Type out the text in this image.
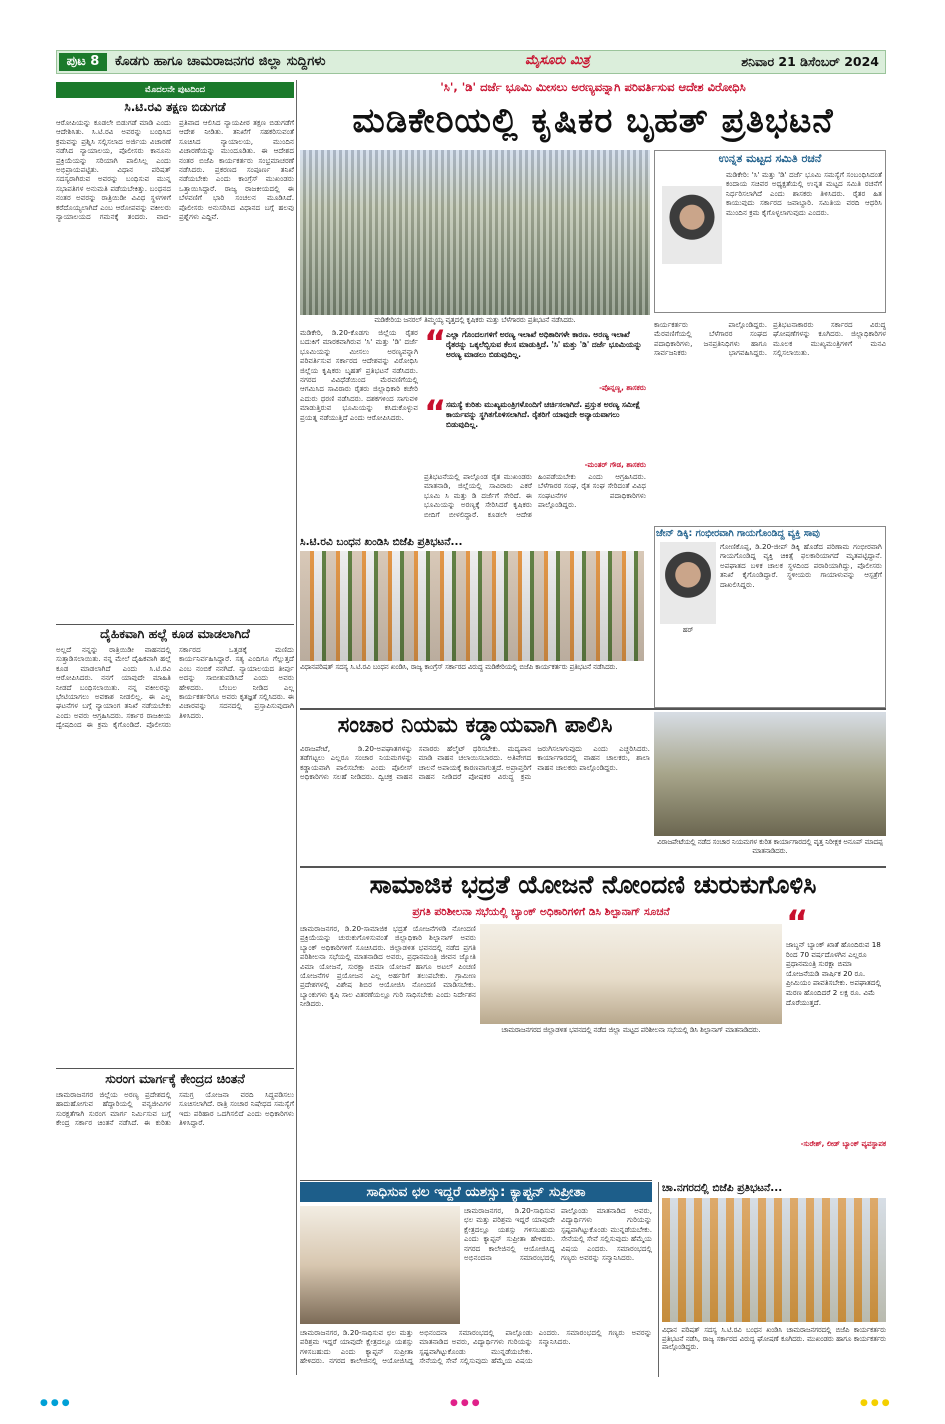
ಪುಟ 8	ಕೊಡಗು ಹಾಗೂ ಚಾಮರಾಜನಗರ ಜಿಲ್ಲಾ ಸುದ್ದಿಗಳು	ಮೈಸೂರು ಮಿತ್ರ	ಶನಿವಾರ 21 ಡಿಸೆಂಬರ್ 2024
ಮೊದಲನೇ ಪುಟದಿಂದ
ಸಿ.ಟಿ.ರವಿ ತಕ್ಷಣ ಬಿಡುಗಡೆ
ಆರೋಪಿಯನ್ನು ಕೂಡಲೇ ಬಿಡುಗಡೆ ಮಾಡಿ ಎಂದು ಆದೇಶಿಸಿತು. ಸಿ.ಟಿ.ರವಿ ಅವರನ್ನು ಬಂಧಿಸಿದ ಕ್ರಮವನ್ನು ಪ್ರಶ್ನಿಸಿ ಸಲ್ಲಿಸಲಾದ ಅರ್ಜಿಯ ವಿಚಾರಣೆ ನಡೆಸಿದ ನ್ಯಾಯಾಲಯ, ಪೊಲೀಸರು ಕಾನೂನು ಪ್ರಕ್ರಿಯೆಯನ್ನು ಸರಿಯಾಗಿ ಪಾಲಿಸಿಲ್ಲ ಎಂದು ಅಭಿಪ್ರಾಯಪಟ್ಟಿತು. ವಿಧಾನ ಪರಿಷತ್ ಸದಸ್ಯರಾಗಿರುವ ಅವರನ್ನು ಬಂಧಿಸುವ ಮುನ್ನ ಸಭಾಪತಿಗಳ ಅನುಮತಿ ಪಡೆಯಬೇಕಿತ್ತು. ಬಂಧನದ ನಂತರ ಅವರನ್ನು ರಾತ್ರಿಯಿಡೀ ವಿವಿಧ ಸ್ಥಳಗಳಿಗೆ ಕರೆದೊಯ್ಯಲಾಗಿದೆ ಎಂಬ ಆರೋಪವನ್ನು ವಕೀಲರು ನ್ಯಾಯಾಲಯದ ಗಮನಕ್ಕೆ ತಂದರು. ವಾದ-ಪ್ರತಿವಾದ ಆಲಿಸಿದ ನ್ಯಾಯಪೀಠ ತಕ್ಷಣ ಬಿಡುಗಡೆಗೆ ಆದೇಶ ನೀಡಿತು. ತನಿಖೆಗೆ ಸಹಕರಿಸುವಂತೆ ಸೂಚಿಸಿದ ನ್ಯಾಯಾಲಯ, ಮುಂದಿನ ವಿಚಾರಣೆಯನ್ನು ಮುಂದೂಡಿತು. ಈ ಆದೇಶದ ನಂತರ ಬಿಜೆಪಿ ಕಾರ್ಯಕರ್ತರು ಸಂಭ್ರಮಾಚರಣೆ ನಡೆಸಿದರು. ಪ್ರಕರಣದ ಸಂಪೂರ್ಣ ತನಿಖೆ ನಡೆಯಬೇಕು ಎಂದು ಕಾಂಗ್ರೆಸ್ ಮುಖಂಡರು ಒತ್ತಾಯಿಸಿದ್ದಾರೆ. ರಾಜ್ಯ ರಾಜಕೀಯದಲ್ಲಿ ಈ ಬೆಳವಣಿಗೆ ಭಾರಿ ಸಂಚಲನ ಮೂಡಿಸಿದೆ. ಪೊಲೀಸರು ಅನುಸರಿಸಿದ ವಿಧಾನದ ಬಗ್ಗೆ ಹಲವು ಪ್ರಶ್ನೆಗಳು ಎದ್ದಿವೆ.
ದೈಹಿಕವಾಗಿ ಹಲ್ಲೆ ಕೂಡ ಮಾಡಲಾಗಿದೆ
ಅಲ್ಲದೆ ನನ್ನನ್ನು ರಾತ್ರಿಯಿಡೀ ವಾಹನದಲ್ಲಿ ಸುತ್ತಾಡಿಸಲಾಯಿತು. ನನ್ನ ಮೇಲೆ ದೈಹಿಕವಾಗಿ ಹಲ್ಲೆ ಕೂಡ ಮಾಡಲಾಗಿದೆ ಎಂದು ಸಿ.ಟಿ.ರವಿ ಆರೋಪಿಸಿದರು. ನನಗೆ ಯಾವುದೇ ಮಾಹಿತಿ ನೀಡದೆ ಬಂಧಿಸಲಾಯಿತು. ನನ್ನ ವಕೀಲರನ್ನು ಭೇಟಿಯಾಗಲು ಅವಕಾಶ ನೀಡಲಿಲ್ಲ. ಈ ಎಲ್ಲ ಘಟನೆಗಳ ಬಗ್ಗೆ ನ್ಯಾಯಾಂಗ ತನಿಖೆ ನಡೆಯಬೇಕು ಎಂದು ಅವರು ಆಗ್ರಹಿಸಿದರು. ಸರ್ಕಾರ ರಾಜಕೀಯ ದ್ವೇಷದಿಂದ ಈ ಕ್ರಮ ಕೈಗೊಂಡಿದೆ. ಪೊಲೀಸರು ಸರ್ಕಾರದ ಒತ್ತಡಕ್ಕೆ ಮಣಿದು ಕಾರ್ಯನಿರ್ವಹಿಸಿದ್ದಾರೆ. ಸತ್ಯ ಎಂದಿಗೂ ಗೆಲ್ಲುತ್ತದೆ ಎಂಬ ನಂಬಿಕೆ ನನಗಿದೆ. ನ್ಯಾಯಾಲಯದ ತೀರ್ಪು ಅದನ್ನು ಸಾಬೀತುಪಡಿಸಿದೆ ಎಂದು ಅವರು ಹೇಳಿದರು. ಬೆಂಬಲ ನೀಡಿದ ಎಲ್ಲ ಕಾರ್ಯಕರ್ತರಿಗೂ ಅವರು ಕೃತಜ್ಞತೆ ಸಲ್ಲಿಸಿದರು. ಈ ವಿಚಾರವನ್ನು ಸದನದಲ್ಲಿ ಪ್ರಸ್ತಾಪಿಸುವುದಾಗಿ ತಿಳಿಸಿದರು.
ಸುರಂಗ ಮಾರ್ಗಕ್ಕೆ ಕೇಂದ್ರದ ಚಿಂತನೆ
ಚಾಮರಾಜನಗರ ಜಿಲ್ಲೆಯ ಅರಣ್ಯ ಪ್ರದೇಶದಲ್ಲಿ ಹಾದುಹೋಗುವ ಹೆದ್ದಾರಿಯಲ್ಲಿ ವನ್ಯಜೀವಿಗಳ ಸುರಕ್ಷತೆಗಾಗಿ ಸುರಂಗ ಮಾರ್ಗ ನಿರ್ಮಿಸುವ ಬಗ್ಗೆ ಕೇಂದ್ರ ಸರ್ಕಾರ ಚಿಂತನೆ ನಡೆಸಿದೆ. ಈ ಕುರಿತು ಸಮಗ್ರ ಯೋಜನಾ ವರದಿ ಸಿದ್ಧಪಡಿಸಲು ಸೂಚಿಸಲಾಗಿದೆ. ರಾತ್ರಿ ಸಂಚಾರ ನಿಷೇಧದ ಸಮಸ್ಯೆಗೆ ಇದು ಪರಿಹಾರ ಒದಗಿಸಲಿದೆ ಎಂದು ಅಧಿಕಾರಿಗಳು ತಿಳಿಸಿದ್ದಾರೆ.
'ಸಿ', 'ಡಿ' ದರ್ಜೆ ಭೂಮಿ ಮೀಸಲು ಅರಣ್ಯವನ್ನಾಗಿ ಪರಿವರ್ತಿಸುವ ಆದೇಶ ವಿರೋಧಿಸಿ
ಮಡಿಕೇರಿಯಲ್ಲಿ ಕೃಷಿಕರ ಬೃಹತ್ ಪ್ರತಿಭಟನೆ
ಮಡಿಕೇರಿಯ ಜನರಲ್ ತಿಮ್ಮಯ್ಯ ವೃತ್ತದಲ್ಲಿ ಕೃಷಿಕರು ಮತ್ತು ಬೆಳೆಗಾರರು ಪ್ರತಿಭಟನೆ ನಡೆಸಿದರು.
ಉನ್ನತ ಮಟ್ಟದ ಸಮಿತಿ ರಚನೆ
ಮಡಿಕೇರಿ: 'ಸಿ' ಮತ್ತು 'ಡಿ' ದರ್ಜೆ ಭೂಮಿ ಸಮಸ್ಯೆಗೆ ಸಂಬಂಧಿಸಿದಂತೆ ಕಂದಾಯ ಸಚಿವರ ಅಧ್ಯಕ್ಷತೆಯಲ್ಲಿ ಉನ್ನತ ಮಟ್ಟದ ಸಮಿತಿ ರಚನೆಗೆ ನಿರ್ಧರಿಸಲಾಗಿದೆ ಎಂದು ಶಾಸಕರು ತಿಳಿಸಿದರು. ರೈತರ ಹಿತ ಕಾಯುವುದು ಸರ್ಕಾರದ ಜವಾಬ್ದಾರಿ. ಸಮಿತಿಯ ವರದಿ ಆಧರಿಸಿ ಮುಂದಿನ ಕ್ರಮ ಕೈಗೊಳ್ಳಲಾಗುವುದು ಎಂದರು.
ಮಡಿಕೇರಿ, ಡಿ.20-ಕೊಡಗು ಜಿಲ್ಲೆಯ ರೈತರ ಬದುಕಿಗೆ ಮಾರಕವಾಗಿರುವ 'ಸಿ' ಮತ್ತು 'ಡಿ' ದರ್ಜೆ ಭೂಮಿಯನ್ನು ಮೀಸಲು ಅರಣ್ಯವನ್ನಾಗಿ ಪರಿವರ್ತಿಸುವ ಸರ್ಕಾರದ ಆದೇಶವನ್ನು ವಿರೋಧಿಸಿ ಜಿಲ್ಲೆಯ ಕೃಷಿಕರು ಬೃಹತ್ ಪ್ರತಿಭಟನೆ ನಡೆಸಿದರು. ನಗರದ ವಿವಿಧೆಡೆಯಿಂದ ಮೆರವಣಿಗೆಯಲ್ಲಿ ಆಗಮಿಸಿದ ಸಾವಿರಾರು ರೈತರು ಜಿಲ್ಲಾಧಿಕಾರಿ ಕಚೇರಿ ಎದುರು ಧರಣಿ ನಡೆಸಿದರು. ದಶಕಗಳಿಂದ ಸಾಗುವಳಿ ಮಾಡುತ್ತಿರುವ ಭೂಮಿಯನ್ನು ಕಸಿದುಕೊಳ್ಳುವ ಪ್ರಯತ್ನ ನಡೆಯುತ್ತಿದೆ ಎಂದು ಆರೋಪಿಸಿದರು.
“ ಎಲ್ಲಾ ಗೊಂದಲಗಳಿಗೆ ಅರಣ್ಯ ಇಲಾಖೆ ಅಧಿಕಾರಿಗಳೇ ಕಾರಣ. ಅರಣ್ಯ ಇಲಾಖೆ ರೈತರನ್ನು ಒಕ್ಕಲೆಬ್ಬಿಸುವ ಕೆಲಸ ಮಾಡುತ್ತಿದೆ. 'ಸಿ' ಮತ್ತು 'ಡಿ' ದರ್ಜೆ ಭೂಮಿಯನ್ನು ಅರಣ್ಯ ಮಾಡಲು ಬಿಡುವುದಿಲ್ಲ.
-ಪೊನ್ನಣ್ಣ, ಶಾಸಕರು
“ ಸಮಸ್ಯೆ ಕುರಿತು ಮುಖ್ಯಮಂತ್ರಿಗಳೊಂದಿಗೆ ಚರ್ಚಿಸಲಾಗಿದೆ. ಪ್ರಸ್ತುತ ಅರಣ್ಯ ಸಮೀಕ್ಷೆ ಕಾರ್ಯವನ್ನು ಸ್ಥಗಿತಗೊಳಿಸಲಾಗಿದೆ. ರೈತರಿಗೆ ಯಾವುದೇ ಅನ್ಯಾಯವಾಗಲು ಬಿಡುವುದಿಲ್ಲ.
-ಮಂತರ್ ಗೌಡ, ಶಾಸಕರು
ಪ್ರತಿಭಟನೆಯಲ್ಲಿ ಪಾಲ್ಗೊಂಡ ರೈತ ಮುಖಂಡರು ಮಾತನಾಡಿ, ಜಿಲ್ಲೆಯಲ್ಲಿ ಸಾವಿರಾರು ಎಕರೆ ಭೂಮಿ ಸಿ ಮತ್ತು ಡಿ ದರ್ಜೆಗೆ ಸೇರಿದೆ. ಈ ಭೂಮಿಯನ್ನು ಅರಣ್ಯಕ್ಕೆ ಸೇರಿಸಿದರೆ ಕೃಷಿಕರು ಬೀದಿಗೆ ಬೀಳಲಿದ್ದಾರೆ. ಕೂಡಲೇ ಆದೇಶ ಹಿಂಪಡೆಯಬೇಕು ಎಂದು ಆಗ್ರಹಿಸಿದರು. ಬೆಳೆಗಾರರ ಸಂಘ, ರೈತ ಸಂಘ ಸೇರಿದಂತೆ ವಿವಿಧ ಸಂಘಟನೆಗಳ ಪದಾಧಿಕಾರಿಗಳು ಪಾಲ್ಗೊಂಡಿದ್ದರು.
ಕಾರ್ಯಕರ್ತರು ಪಾಲ್ಗೊಂಡಿದ್ದರು. ಮೆರವಣಿಗೆಯಲ್ಲಿ ಬೆಳೆಗಾರರ ಸಂಘದ ಪದಾಧಿಕಾರಿಗಳು, ಜನಪ್ರತಿನಿಧಿಗಳು ಹಾಗೂ ಸಾರ್ವಜನಿಕರು ಭಾಗವಹಿಸಿದ್ದರು. ಪ್ರತಿಭಟನಾಕಾರರು ಸರ್ಕಾರದ ವಿರುದ್ಧ ಘೋಷಣೆಗಳನ್ನು ಕೂಗಿದರು. ಜಿಲ್ಲಾಧಿಕಾರಿಗಳ ಮೂಲಕ ಮುಖ್ಯಮಂತ್ರಿಗಳಿಗೆ ಮನವಿ ಸಲ್ಲಿಸಲಾಯಿತು.
ಸಿ.ಟಿ.ರವಿ ಬಂಧನ ಖಂಡಿಸಿ ಬಿಜೆಪಿ ಪ್ರತಿಭಟನೆ...
ವಿಧಾನಪರಿಷತ್ ಸದಸ್ಯ ಸಿ.ಟಿ.ರವಿ ಬಂಧನ ಖಂಡಿಸಿ, ರಾಜ್ಯ ಕಾಂಗ್ರೆಸ್ ಸರ್ಕಾರದ ವಿರುದ್ಧ ಮಡಿಕೇರಿಯಲ್ಲಿ ಬಿಜೆಪಿ ಕಾರ್ಯಕರ್ತರು ಪ್ರತಿಭಟನೆ ನಡೆಸಿದರು.
ಜೇನ್ ಡಿಕ್ಕಿ: ಗಂಭೀರವಾಗಿ ಗಾಯಗೊಂಡಿದ್ದ ವ್ಯಕ್ತಿ ಸಾವು
ಹರ್
ಗೋಣಿಕೊಪ್ಪ, ಡಿ.20-ಜೀಪ್ ಡಿಕ್ಕಿ ಹೊಡೆದ ಪರಿಣಾಮ ಗಂಭೀರವಾಗಿ ಗಾಯಗೊಂಡಿದ್ದ ವ್ಯಕ್ತಿ ಚಿಕಿತ್ಸೆ ಫಲಕಾರಿಯಾಗದೆ ಮೃತಪಟ್ಟಿದ್ದಾನೆ. ಅಪಘಾತದ ಬಳಿಕ ಚಾಲಕ ಸ್ಥಳದಿಂದ ಪರಾರಿಯಾಗಿದ್ದು, ಪೊಲೀಸರು ತನಿಖೆ ಕೈಗೊಂಡಿದ್ದಾರೆ. ಸ್ಥಳೀಯರು ಗಾಯಾಳುವನ್ನು ಆಸ್ಪತ್ರೆಗೆ ದಾಖಲಿಸಿದ್ದರು.
ಸಂಚಾರ ನಿಯಮ ಕಡ್ಡಾಯವಾಗಿ ಪಾಲಿಸಿ
ವಿರಾಜಪೇಟೆ, ಡಿ.20-ಅಪಘಾತಗಳನ್ನು ತಡೆಗಟ್ಟಲು ಎಲ್ಲರೂ ಸಂಚಾರ ನಿಯಮಗಳನ್ನು ಕಡ್ಡಾಯವಾಗಿ ಪಾಲಿಸಬೇಕು ಎಂದು ಪೊಲೀಸ್ ಅಧಿಕಾರಿಗಳು ಸಲಹೆ ನೀಡಿದರು. ದ್ವಿಚಕ್ರ ವಾಹನ ಸವಾರರು ಹೆಲ್ಮೆಟ್ ಧರಿಸಬೇಕು. ಮದ್ಯಪಾನ ಮಾಡಿ ವಾಹನ ಚಲಾಯಿಸಬಾರದು. ಅತಿವೇಗದ ಚಾಲನೆ ಅಪಾಯಕ್ಕೆ ಕಾರಣವಾಗುತ್ತದೆ. ಅಪ್ರಾಪ್ತರಿಗೆ ವಾಹನ ನೀಡಿದರೆ ಪೋಷಕರ ವಿರುದ್ಧ ಕ್ರಮ ಜರುಗಿಸಲಾಗುವುದು ಎಂದು ಎಚ್ಚರಿಸಿದರು. ಕಾರ್ಯಾಗಾರದಲ್ಲಿ ವಾಹನ ಚಾಲಕರು, ಶಾಲಾ ವಾಹನ ಚಾಲಕರು ಪಾಲ್ಗೊಂಡಿದ್ದರು.
ವಿರಾಜಪೇಟೆಯಲ್ಲಿ ನಡೆದ ಸಂಚಾರ ನಿಯಮಗಳ ಕುರಿತ ಕಾರ್ಯಾಗಾರದಲ್ಲಿ ವೃತ್ತ ನಿರೀಕ್ಷಕ ಅನೂಪ್ ಮಾದಪ್ಪ ಮಾತನಾಡಿದರು.
ಸಾಮಾಜಿಕ ಭದ್ರತೆ ಯೋಜನೆ ನೋಂದಣಿ ಚುರುಕುಗೊಳಿಸಿ
ಪ್ರಗತಿ ಪರಿಶೀಲನಾ ಸಭೆಯಲ್ಲಿ ಬ್ಯಾಂಕ್ ಅಧಿಕಾರಿಗಳಿಗೆ ಡಿಸಿ ಶಿಲ್ಪಾನಾಗ್ ಸೂಚನೆ
ಚಾಮರಾಜನಗರ, ಡಿ.20-ಸಾಮಾಜಿಕ ಭದ್ರತೆ ಯೋಜನೆಗಳಡಿ ನೋಂದಣಿ ಪ್ರಕ್ರಿಯೆಯನ್ನು ಚುರುಕುಗೊಳಿಸುವಂತೆ ಜಿಲ್ಲಾಧಿಕಾರಿ ಶಿಲ್ಪಾನಾಗ್ ಅವರು ಬ್ಯಾಂಕ್ ಅಧಿಕಾರಿಗಳಿಗೆ ಸೂಚಿಸಿದರು. ಜಿಲ್ಲಾಡಳಿತ ಭವನದಲ್ಲಿ ನಡೆದ ಪ್ರಗತಿ ಪರಿಶೀಲನಾ ಸಭೆಯಲ್ಲಿ ಮಾತನಾಡಿದ ಅವರು, ಪ್ರಧಾನಮಂತ್ರಿ ಜೀವನ ಜ್ಯೋತಿ ವಿಮಾ ಯೋಜನೆ, ಸುರಕ್ಷಾ ಬಿಮಾ ಯೋಜನೆ ಹಾಗೂ ಅಟಲ್ ಪಿಂಚಣಿ ಯೋಜನೆಗಳ ಪ್ರಯೋಜನ ಎಲ್ಲ ಅರ್ಹರಿಗೆ ತಲುಪಬೇಕು. ಗ್ರಾಮೀಣ ಪ್ರದೇಶಗಳಲ್ಲಿ ವಿಶೇಷ ಶಿಬಿರ ಆಯೋಜಿಸಿ ನೋಂದಣಿ ಮಾಡಿಸಬೇಕು. ಬ್ಯಾಂಕುಗಳು ಕೃಷಿ ಸಾಲ ವಿತರಣೆಯಲ್ಲೂ ಗುರಿ ಸಾಧಿಸಬೇಕು ಎಂದು ನಿರ್ದೇಶನ ನೀಡಿದರು.
ಚಾಮರಾಜನಗರದ ಜಿಲ್ಲಾಡಳಿತ ಭವನದಲ್ಲಿ ನಡೆದ ಜಿಲ್ಲಾ ಮಟ್ಟದ ಪರಿಶೀಲನಾ ಸಭೆಯಲ್ಲಿ ಡಿಸಿ ಶಿಲ್ಪಾನಾಗ್ ಮಾತನಾಡಿದರು.
“
ಜಾಬ್ಧನ್ ಬ್ಯಾಂಕ್ ಖಾತೆ ಹೊಂದಿರುವ 18 ರಿಂದ 70 ವರ್ಷದೊಳಗಿನ ಎಲ್ಲರೂ ಪ್ರಧಾನಮಂತ್ರಿ ಸುರಕ್ಷಾ ಬಿಮಾ ಯೋಜನೆಯಡಿ ವಾರ್ಷಿಕ 20 ರೂ. ಪ್ರೀಮಿಯಂ ಪಾವತಿಸಬೇಕು. ಅಪಘಾತದಲ್ಲಿ ಮರಣ ಹೊಂದಿದರೆ 2 ಲಕ್ಷ ರೂ. ವಿಮೆ ದೊರೆಯುತ್ತದೆ.
-ಸುರೇಶ್, ಲೀಡ್ ಬ್ಯಾಂಕ್ ವ್ಯವಸ್ಥಾಪಕ
ಸಾಧಿಸುವ ಛಲ ಇದ್ದರೆ ಯಶಸ್ಸು: ಕ್ಯಾಪ್ಟನ್ ಸುಪ್ರೀತಾ
ಚಾಮರಾಜನಗರ, ಡಿ.20-ಸಾಧಿಸುವ ಛಲ ಮತ್ತು ಪರಿಶ್ರಮ ಇದ್ದರೆ ಯಾವುದೇ ಕ್ಷೇತ್ರದಲ್ಲೂ ಯಶಸ್ಸು ಗಳಿಸಬಹುದು ಎಂದು ಕ್ಯಾಪ್ಟನ್ ಸುಪ್ರೀತಾ ಹೇಳಿದರು. ನಗರದ ಕಾಲೇಜಿನಲ್ಲಿ ಆಯೋಜಿಸಿದ್ದ ಅಭಿನಂದನಾ ಸಮಾರಂಭದಲ್ಲಿ ಪಾಲ್ಗೊಂಡು ಮಾತನಾಡಿದ ಅವರು, ವಿದ್ಯಾರ್ಥಿಗಳು ಗುರಿಯನ್ನು ಸ್ಪಷ್ಟವಾಗಿಟ್ಟುಕೊಂಡು ಮುನ್ನಡೆಯಬೇಕು. ಸೇನೆಯಲ್ಲಿ ಸೇವೆ ಸಲ್ಲಿಸುವುದು ಹೆಮ್ಮೆಯ ವಿಷಯ ಎಂದರು. ಸಮಾರಂಭದಲ್ಲಿ ಗಣ್ಯರು ಅವರನ್ನು ಸನ್ಮಾನಿಸಿದರು.
ಚಾಮರಾಜನಗರ, ಡಿ.20-ಸಾಧಿಸುವ ಛಲ ಮತ್ತು ಪರಿಶ್ರಮ ಇದ್ದರೆ ಯಾವುದೇ ಕ್ಷೇತ್ರದಲ್ಲೂ ಯಶಸ್ಸು ಗಳಿಸಬಹುದು ಎಂದು ಕ್ಯಾಪ್ಟನ್ ಸುಪ್ರೀತಾ ಹೇಳಿದರು. ನಗರದ ಕಾಲೇಜಿನಲ್ಲಿ ಆಯೋಜಿಸಿದ್ದ ಅಭಿನಂದನಾ ಸಮಾರಂಭದಲ್ಲಿ ಪಾಲ್ಗೊಂಡು ಮಾತನಾಡಿದ ಅವರು, ವಿದ್ಯಾರ್ಥಿಗಳು ಗುರಿಯನ್ನು ಸ್ಪಷ್ಟವಾಗಿಟ್ಟುಕೊಂಡು ಮುನ್ನಡೆಯಬೇಕು. ಸೇನೆಯಲ್ಲಿ ಸೇವೆ ಸಲ್ಲಿಸುವುದು ಹೆಮ್ಮೆಯ ವಿಷಯ ಎಂದರು. ಸಮಾರಂಭದಲ್ಲಿ ಗಣ್ಯರು ಅವರನ್ನು ಸನ್ಮಾನಿಸಿದರು.
ಚಾ.ನಗರದಲ್ಲಿ ಬಿಜೆಪಿ ಪ್ರತಿಭಟನೆ...
ವಿಧಾನ ಪರಿಷತ್ ಸದಸ್ಯ ಸಿ.ಟಿ.ರವಿ ಬಂಧನ ಖಂಡಿಸಿ ಚಾಮರಾಜನಗರದಲ್ಲಿ ಬಿಜೆಪಿ ಕಾರ್ಯಕರ್ತರು ಪ್ರತಿಭಟನೆ ನಡೆಸಿ, ರಾಜ್ಯ ಸರ್ಕಾರದ ವಿರುದ್ಧ ಘೋಷಣೆ ಕೂಗಿದರು. ಮುಖಂಡರು ಹಾಗೂ ಕಾರ್ಯಕರ್ತರು ಪಾಲ್ಗೊಂಡಿದ್ದರು.
●●●	●●●	●●●
